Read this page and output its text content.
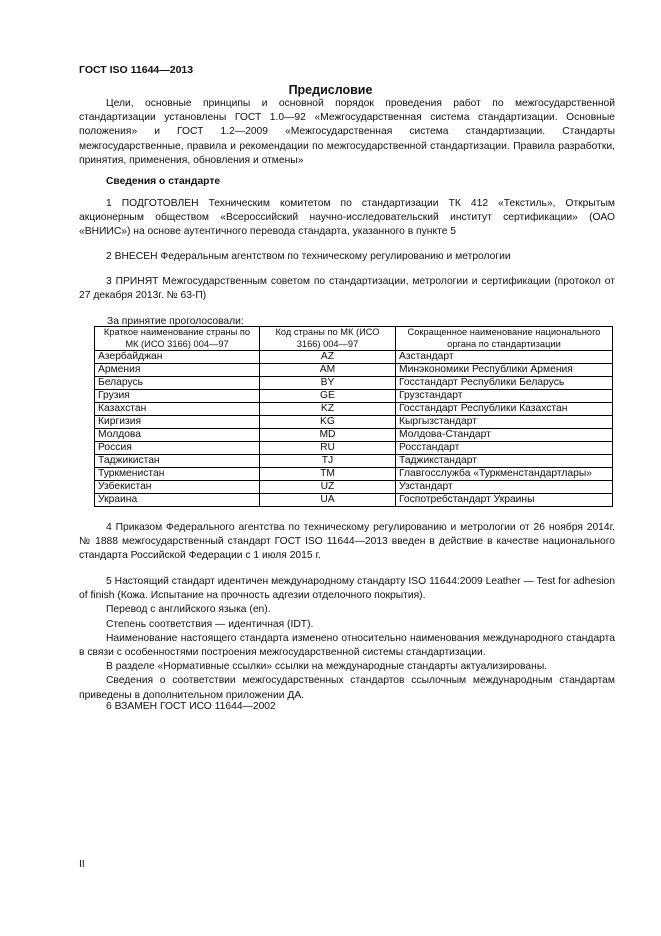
ГОСТ ISO 11644—2013
Предисловие

Цели, основные принципы и основной порядок проведения работ по межгосударственной стандартизации установлены ГОСТ 1.0—92 «Межгосударственная система стандартизации. Основные положения» и ГОСТ 1.2—2009 «Межгосударственная система стандартизации. Стандарты межгосударственные, правила и рекомендации по межгосударственной стандартизации. Правила разработки, принятия, применения, обновления и отмены»

Сведения о стандарте

1 ПОДГОТОВЛЕН Техническим комитетом по стандартизации ТК 412 «Текстиль», Открытым акционерным обществом «Всероссийский научно-исследовательский институт сертификации» (ОАО «ВНИИС») на основе аутентичного перевода стандарта, указанного в пункте 5

2 ВНЕСЕН Федеральным агентством по техническому регулированию и метрологии

3 ПРИНЯТ Межгосударственным советом по стандартизации, метрологии и сертификации (протокол от 27 декабря 2013г. № 63-П)

За принятие проголосовали:
Краткое наименование страны по МК (ИСО 3166) 004—97	Код страны по МК (ИСО 3166) 004—97	Сокращенное наименование национального органа по стандартизации
Азербайджан	AZ	Азстандарт
Армения	AM	Минэкономики Республики Армения
Беларусь	BY	Госстандарт Республики Беларусь
Грузия	GE	Грузстандарт
Казахстан	KZ	Госстандарт Республики Казахстан
Киргизия	KG	Кыргызстандарт
Молдова	MD	Молдова-Стандарт
Россия	RU	Росстандарт
Таджикистан	TJ	Таджикстандарт
Туркменистан	TM	Главгосслужба «Туркменстандартлары»
Узбекистан	UZ	Узстандарт
Украина	UA	Госпотребстандарт Украины

4 Приказом Федерального агентства по техническому регулированию и метрологии от 26 ноября 2014г. № 1888 межгосударственный стандарт ГОСТ ISO 11644—2013 введен в действие в качестве национального стандарта Российской Федерации с 1 июля 2015 г.

5 Настоящий стандарт идентичен международному стандарту ISO 11644:2009 Leather — Test for adhesion of finish (Кожа. Испытание на прочность адгезии отделочного покрытия).

Перевод с английского языка (en).

Степень соответствия — идентичная (IDT).

Наименование настоящего стандарта изменено относительно наименования международного стандарта в связи с особенностями построения межгосударственной системы стандартизации.

В разделе «Нормативные ссылки» ссылки на международные стандарты актуализированы.

Сведения о соответствии межгосударственных стандартов ссылочным международным стандартам приведены в дополнительном приложении ДА.

6 ВЗАМЕН ГОСТ ИСО 11644—2002

II
